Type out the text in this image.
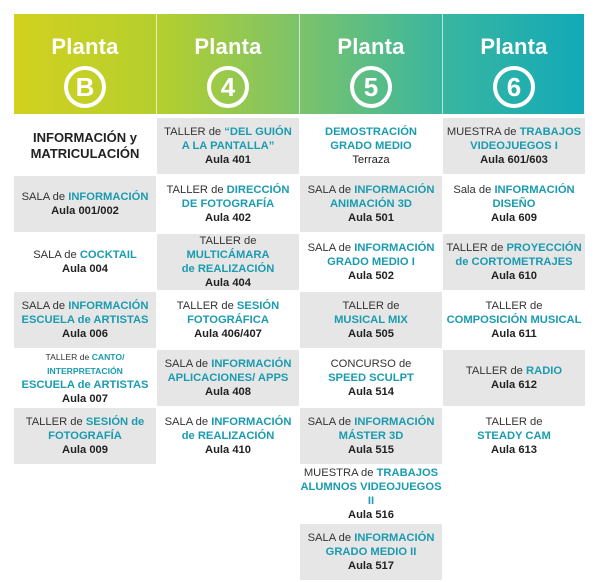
Planta
B
Planta
4
Planta
5
Planta
6
INFORMACIÓN y
MATRICULACIÓN
SALA de INFORMACIÓN
Aula 001/002
SALA de COCKTAIL
Aula 004
SALA de INFORMACIÓN
ESCUELA de ARTISTAS
Aula 006
TALLER de CANTO/ INTERPRETACIÓN
ESCUELA de ARTISTAS
Aula 007
TALLER de SESIÓN de
FOTOGRAFÍA
Aula 009
TALLER de “DEL GUIÓN
A LA PANTALLA”
Aula 401
TALLER de DIRECCIÓN
DE FOTOGRAFÍA
Aula 402
TALLER de MULTICÁMARA
de REALIZACIÓN
Aula 404
TALLER de SESIÓN
FOTOGRÁFICA
Aula 406/407
SALA de INFORMACIÓN
APLICACIONES/ APPS
Aula 408
SALA de INFORMACIÓN
de REALIZACIÓN
Aula 410
DEMOSTRACIÓN
GRADO MEDIO
Terraza
SALA de INFORMACIÓN
ANIMACIÓN 3D
Aula 501
SALA de INFORMACIÓN
GRADO MEDIO I
Aula 502
TALLER de
MUSICAL MIX
Aula 505
CONCURSO de
SPEED SCULPT
Aula 514
SALA de INFORMACIÓN
MÁSTER 3D
Aula 515
MUESTRA de TRABAJOS
ALUMNOS VIDEOJUEGOS II
Aula 516
SALA de INFORMACIÓN
GRADO MEDIO II
Aula 517
MUESTRA de TRABAJOS
VIDEOJUEGOS I
Aula 601/603
Sala de INFORMACIÓN
DISEÑO
Aula 609
TALLER de PROYECCIÓN
de CORTOMETRAJES
Aula 610
TALLER de
COMPOSICIÓN MUSICAL
Aula 611
TALLER de RADIO
Aula 612
TALLER de
STEADY CAM
Aula 613
